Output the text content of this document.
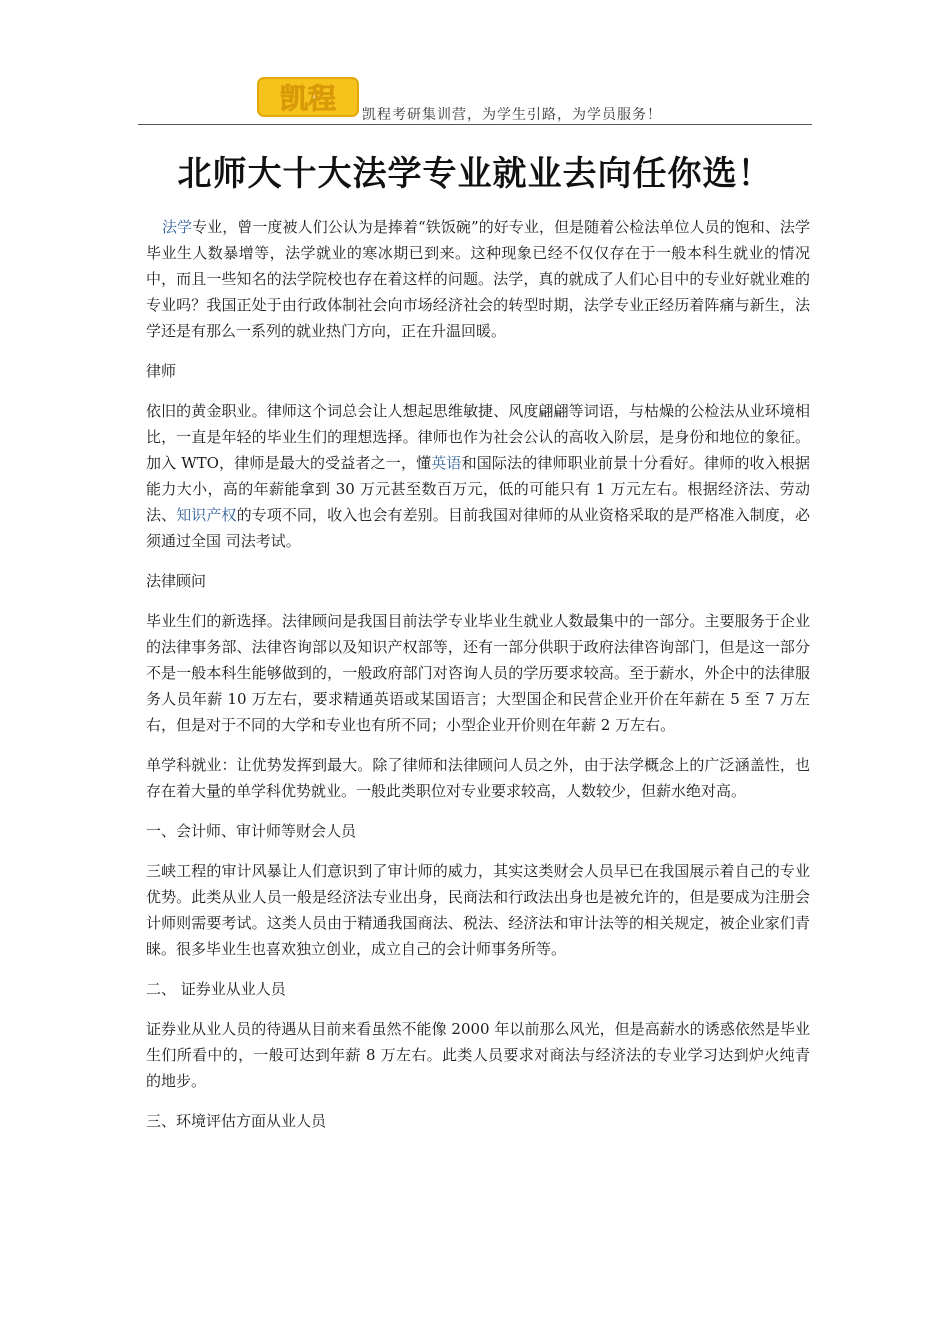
凯程 凯程考研集训营，为学生引路，为学员服务！
北师大十大法学专业就业去向任你选！

法学专业，曾一度被人们公认为是捧着“铁饭碗”的好专业，但是随着公检法单位人员的饱和、法学毕业生人数暴增等，法学就业的寒冰期已到来。这种现象已经不仅仅存在于一般本科生就业的情况中，而且一些知名的法学院校也存在着这样的问题。法学，真的就成了人们心目中的专业好就业难的专业吗？我国正处于由行政体制社会向市场经济社会的转型时期，法学专业正经历着阵痛与新生，法学还是有那么一系列的就业热门方向，正在升温回暖。

律师

依旧的黄金职业。律师这个词总会让人想起思维敏捷、风度翩翩等词语，与枯燥的公检法从业环境相比，一直是年轻的毕业生们的理想选择。律师也作为社会公认的高收入阶层，是身份和地位的象征。加入 WTO，律师是最大的受益者之一，懂英语和国际法的律师职业前景十分看好。律师的收入根据能力大小，高的年薪能拿到 30 万元甚至数百万元，低的可能只有 1 万元左右。根据经济法、劳动法、知识产权的专项不同，收入也会有差别。目前我国对律师的从业资格采取的是严格准入制度，必须通过全国 司法考试。

法律顾问

毕业生们的新选择。法律顾问是我国目前法学专业毕业生就业人数最集中的一部分。主要服务于企业的法律事务部、法律咨询部以及知识产权部等，还有一部分供职于政府法律咨询部门，但是这一部分不是一般本科生能够做到的，一般政府部门对咨询人员的学历要求较高。至于薪水，外企中的法律服务人员年薪 10 万左右，要求精通英语或某国语言；大型国企和民营企业开价在年薪在 5 至 7 万左右，但是对于不同的大学和专业也有所不同；小型企业开价则在年薪 2 万左右。

单学科就业：让优势发挥到最大。除了律师和法律顾问人员之外，由于法学概念上的广泛涵盖性，也存在着大量的单学科优势就业。一般此类职位对专业要求较高，人数较少，但薪水绝对高。

一、会计师、审计师等财会人员

三峡工程的审计风暴让人们意识到了审计师的威力，其实这类财会人员早已在我国展示着自己的专业优势。此类从业人员一般是经济法专业出身，民商法和行政法出身也是被允许的，但是要成为注册会计师则需要考试。这类人员由于精通我国商法、税法、经济法和审计法等的相关规定，被企业家们青睐。很多毕业生也喜欢独立创业，成立自己的会计师事务所等。

二、 证券业从业人员

证券业从业人员的待遇从目前来看虽然不能像 2000 年以前那么风光，但是高薪水的诱惑依然是毕业生们所看中的，一般可达到年薪 8 万左右。此类人员要求对商法与经济法的专业学习达到炉火纯青的地步。

三、环境评估方面从业人员
